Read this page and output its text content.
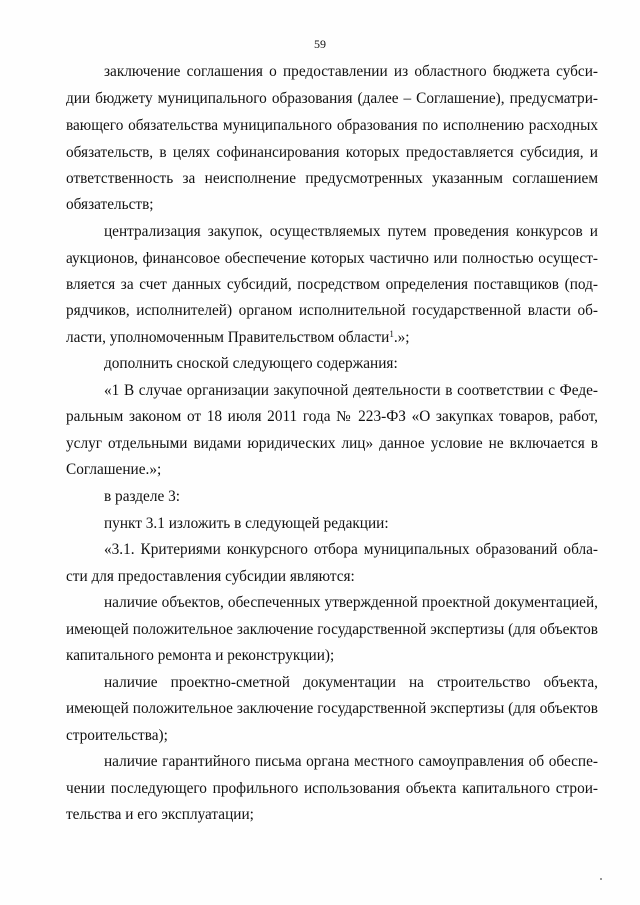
59

заключение соглашения о предоставлении из областного бюджета субси-

дии бюджету муниципального образования (далее – Соглашение), предусматри-

вающего обязательства муниципального образования по исполнению расходных

обязательств, в целях софинансирования которых предоставляется субсидия, и

ответственность за неисполнение предусмотренных указанным соглашением

обязательств;

централизация закупок, осуществляемых путем проведения конкурсов и

аукционов, финансовое обеспечение которых частично или полностью осущест-

вляется за счет данных субсидий, посредством определения поставщиков (под-

рядчиков, исполнителей) органом исполнительной государственной власти об-

ласти, уполномоченным Правительством области$^1$.»;

дополнить сноской следующего содержания:

«1 В случае организации закупочной деятельности в соответствии с Феде-

ральным законом от 18 июля 2011 года № 223-ФЗ «О закупках товаров, работ,

услуг отдельными видами юридических лиц» данное условие не включается в

Соглашение.»;

в разделе 3:

пункт 3.1 изложить в следующей редакции:

«3.1. Критериями конкурсного отбора муниципальных образований обла-

сти для предоставления субсидии являются:

наличие объектов, обеспеченных утвержденной проектной документацией,

имеющей положительное заключение государственной экспертизы (для объектов

капитального ремонта и реконструкции);

наличие проектно-сметной документации на строительство объекта,

имеющей положительное заключение государственной экспертизы (для объектов

строительства);

наличие гарантийного письма органа местного самоуправления об обеспе-

чении последующего профильного использования объекта капитального строи-

тельства и его эксплуатации;
